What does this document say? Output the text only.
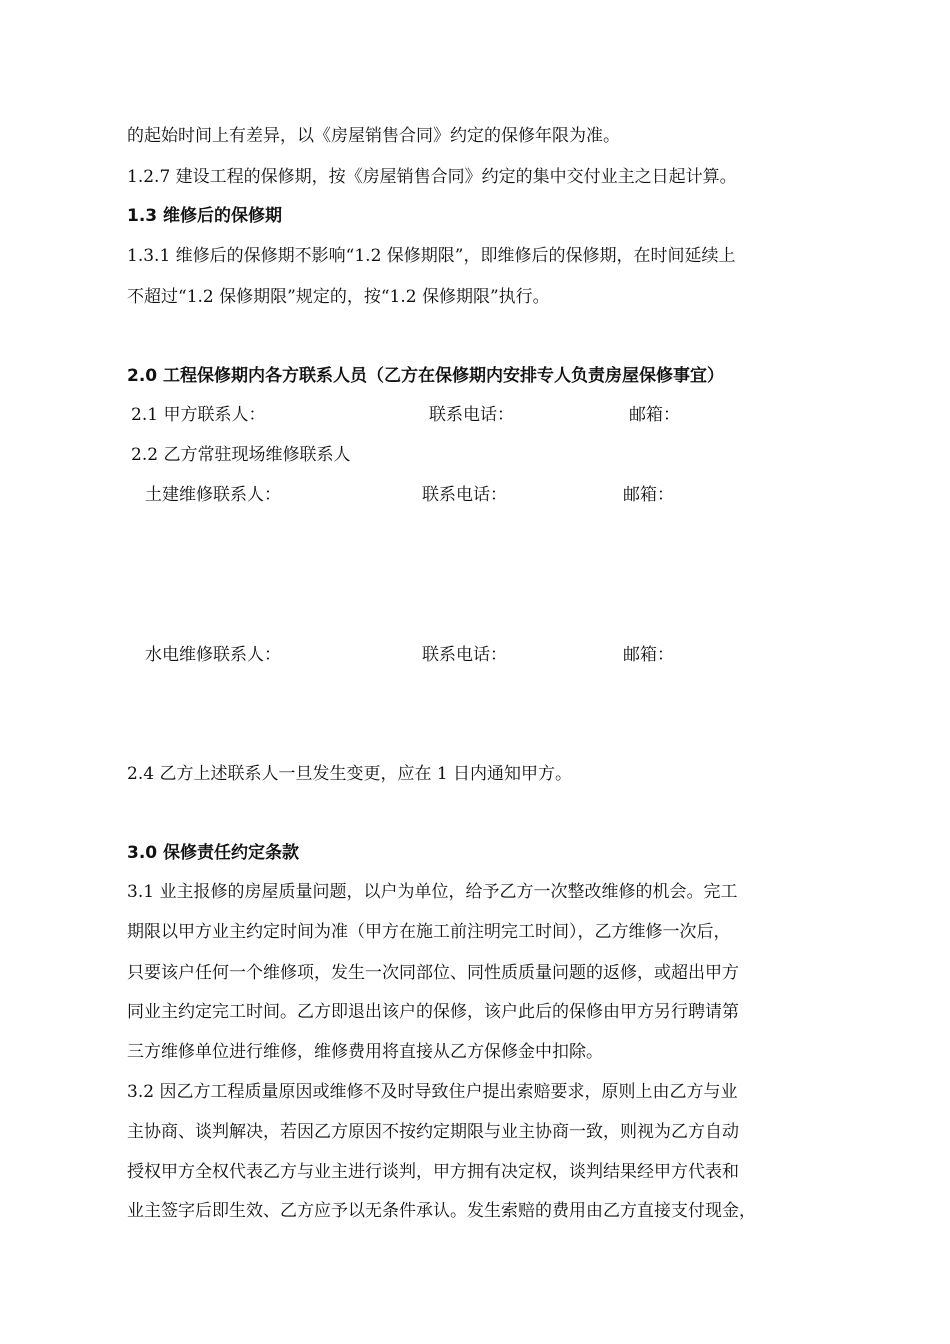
的起始时间上有差异，以《房屋销售合同》约定的保修年限为准。
1.2.7 建设工程的保修期，按《房屋销售合同》约定的集中交付业主之日起计算。
1.3 维修后的保修期
1.3.1 维修后的保修期不影响“1.2 保修期限”，即维修后的保修期，在时间延续上
不超过“1.2 保修期限”规定的，按“1.2 保修期限”执行。
2.0 工程保修期内各方联系人员（乙方在保修期内安排专人负责房屋保修事宜）
2.1 甲方联系人：	联系电话：	邮箱：
2.2 乙方常驻现场维修联系人
土建维修联系人：	联系电话：	邮箱：
水电维修联系人：	联系电话：	邮箱：
2.4 乙方上述联系人一旦发生变更，应在 1 日内通知甲方。
3.0 保修责任约定条款
3.1 业主报修的房屋质量问题，以户为单位，给予乙方一次整改维修的机会。完工
期限以甲方业主约定时间为准（甲方在施工前注明完工时间），乙方维修一次后，
只要该户任何一个维修项，发生一次同部位、同性质质量问题的返修，或超出甲方
同业主约定完工时间。乙方即退出该户的保修，该户此后的保修由甲方另行聘请第
三方维修单位进行维修，维修费用将直接从乙方保修金中扣除。
3.2 因乙方工程质量原因或维修不及时导致住户提出索赔要求，原则上由乙方与业
主协商、谈判解决，若因乙方原因不按约定期限与业主协商一致，则视为乙方自动
授权甲方全权代表乙方与业主进行谈判，甲方拥有决定权，谈判结果经甲方代表和
业主签字后即生效、乙方应予以无条件承认。发生索赔的费用由乙方直接支付现金，
